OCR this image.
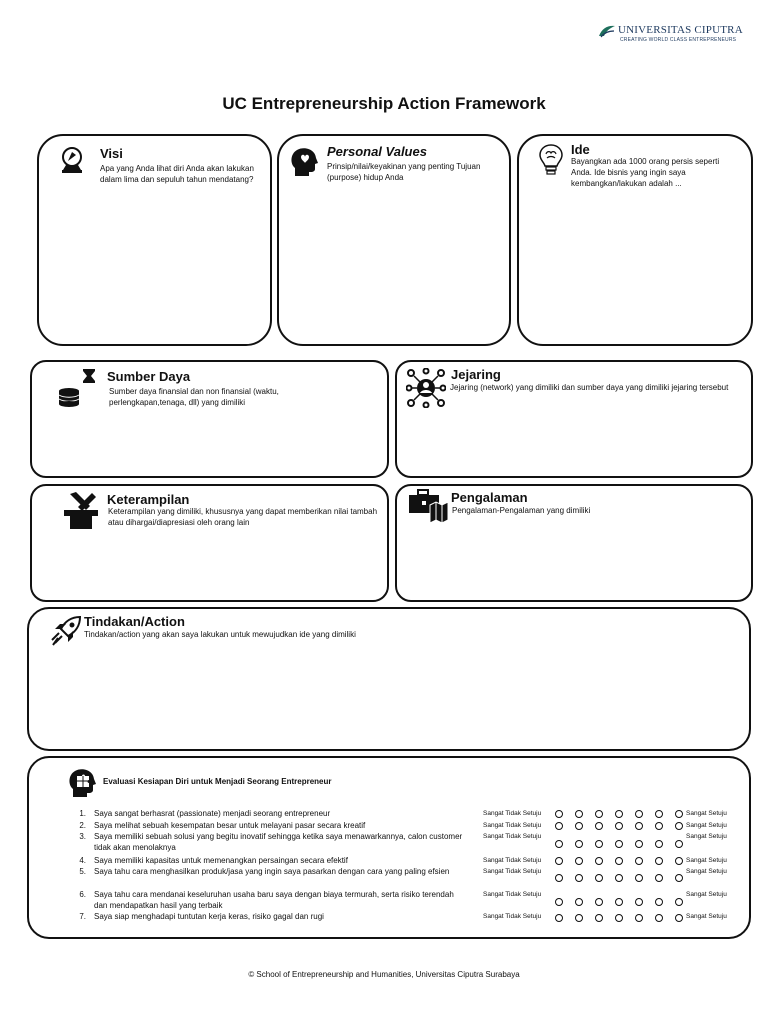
UNIVERSITAS CIPUTRA
CREATING WORLD CLASS ENTREPRENEURS
UC Entrepreneurship Action Framework
Visi
Apa yang Anda lihat diri Anda akan lakukan dalam lima dan sepuluh tahun mendatang?
Personal Values
Prinsip/nilai/keyakinan yang penting Tujuan (purpose) hidup Anda
Ide
Bayangkan ada 1000 orang persis seperti Anda. Ide bisnis yang ingin saya kembangkan/lakukan adalah ...
Sumber Daya
Sumber daya finansial dan non finansial (waktu, perlengkapan,tenaga, dll) yang dimiliki
Jejaring
Jejaring (network) yang dimiliki dan sumber daya yang dimiliki jejaring tersebut
Keterampilan
Keterampilan yang dimiliki, khususnya yang dapat memberikan nilai tambah atau dihargai/diapresiasi oleh orang lain
Pengalaman
Pengalaman-Pengalaman yang dimiliki
Tindakan/Action
Tindakan/action yang akan saya lakukan untuk mewujudkan ide yang dimiliki
Evaluasi Kesiapan Diri untuk Menjadi Seorang Entrepreneur
1. Saya sangat berhasrat (passionate) menjadi seorang entrepreneur	Sangat Tidak Setuju	Sangat Setuju
2. Saya melihat sebuah kesempatan besar untuk melayani pasar secara kreatif	Sangat Tidak Setuju	Sangat Setuju
3. Saya memiliki sebuah solusi yang begitu inovatif sehingga ketika saya menawarkannya, calon customer tidak akan menolaknya
Sangat Tidak Setuju	Sangat Setuju
4. Saya memiliki kapasitas untuk memenangkan persaingan secara efektif	Sangat Tidak Setuju	Sangat Setuju
5. Saya tahu cara menghasilkan produk/jasa yang ingin saya pasarkan dengan cara yang paling efsien	Sangat Tidak Setuju	Sangat Setuju
6. Saya tahu cara mendanai keseluruhan usaha baru saya dengan biaya termurah, serta risiko terendah dan mendapatkan hasil yang terbaik
Sangat Tidak Setuju	Sangat Setuju
7. Saya siap menghadapi tuntutan kerja keras, risiko gagal dan rugi	Sangat Tidak Setuju	Sangat Setuju
© School of Entrepreneurship and Humanities, Universitas Ciputra Surabaya
